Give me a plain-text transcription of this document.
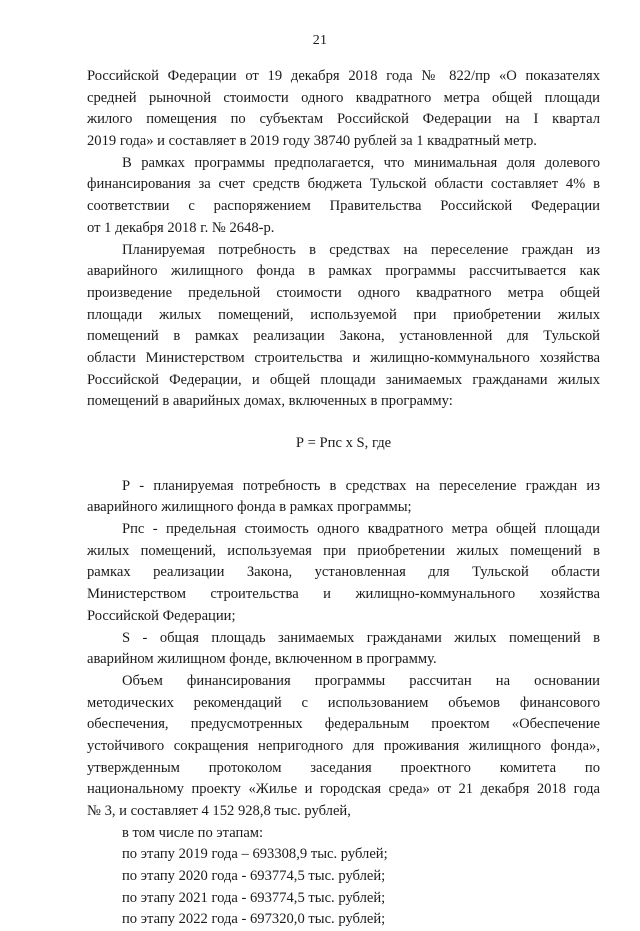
21
Российской Федерации от 19 декабря 2018 года № 822/пр «О показателях
средней рыночной стоимости одного квадратного метра общей площади
жилого помещения по субъектам Российской Федерации на I квартал
2019 года» и составляет в 2019 году 38740 рублей за 1 квадратный метр.
В рамках программы предполагается, что минимальная доля долевого
финансирования за счет средств бюджета Тульской области составляет 4% в
соответствии с распоряжением Правительства Российской Федерации
от 1 декабря 2018 г. № 2648-р.
Планируемая потребность в средствах на переселение граждан из
аварийного жилищного фонда в рамках программы рассчитывается как
произведение предельной стоимости одного квадратного метра общей
площади жилых помещений, используемой при приобретении жилых
помещений в рамках реализации Закона, установленной для Тульской
области Министерством строительства и жилищно-коммунального хозяйства
Российской Федерации, и общей площади занимаемых гражданами жилых
помещений в аварийных домах, включенных в программу:
Р = Рпс х S, где
Р - планируемая потребность в средствах на переселение граждан из
аварийного жилищного фонда в рамках программы;
Рпс - предельная стоимость одного квадратного метра общей площади
жилых помещений, используемая при приобретении жилых помещений в
рамках реализации Закона, установленная для Тульской области
Министерством строительства и жилищно-коммунального хозяйства
Российской Федерации;
S - общая площадь занимаемых гражданами жилых помещений в
аварийном жилищном фонде, включенном в программу.
Объем финансирования программы рассчитан на основании
методических рекомендаций с использованием объемов финансового
обеспечения, предусмотренных федеральным проектом «Обеспечение
устойчивого сокращения непригодного для проживания жилищного фонда»,
утвержденным протоколом заседания проектного комитета по
национальному проекту «Жилье и городская среда» от 21 декабря 2018 года
№ 3, и составляет 4 152 928,8 тыс. рублей,
в том числе по этапам:
по этапу 2019 года – 693308,9 тыс. рублей;
по этапу 2020 года - 693774,5 тыс. рублей;
по этапу 2021 года - 693774,5 тыс. рублей;
по этапу 2022 года - 697320,0 тыс. рублей;
